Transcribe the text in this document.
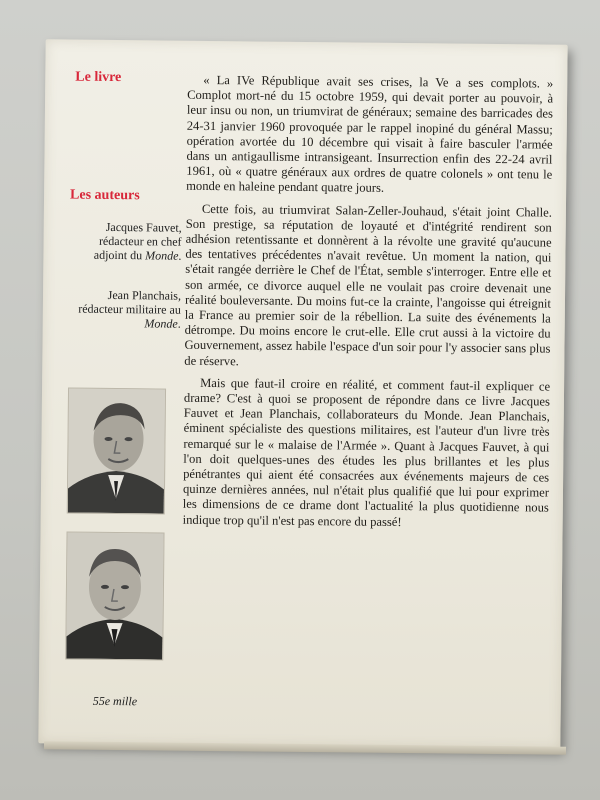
Le livre
Les auteurs
Jacques Fauvet, rédacteur en chef adjoint du Monde.
Jean Planchais, rédacteur militaire au Monde.
55e mille

« La IVe République avait ses crises, la Ve a ses complots. » Complot mort-né du 15 octobre 1959, qui devait porter au pouvoir, à leur insu ou non, un triumvirat de généraux; semaine des barricades des 24-31 janvier 1960 provoquée par le rappel inopiné du général Massu; opération avortée du 10 décembre qui visait à faire basculer l'armée dans un antigaullisme intransigeant. Insurrection enfin des 22-24 avril 1961, où « quatre généraux aux ordres de quatre colonels » ont tenu le monde en haleine pendant quatre jours.

Cette fois, au triumvirat Salan-Zeller-Jouhaud, s'était joint Challe. Son prestige, sa réputation de loyauté et d'intégrité rendirent son adhésion retentissante et donnèrent à la révolte une gravité qu'aucune des tentatives précédentes n'avait revêtue. Un moment la nation, qui s'était rangée derrière le Chef de l'État, semble s'interroger. Entre elle et son armée, ce divorce auquel elle ne voulait pas croire devenait une réalité bouleversante. Du moins fut-ce la crainte, l'angoisse qui étreignit la France au premier soir de la rébellion. La suite des événements la détrompe. Du moins encore le crut-elle. Elle crut aussi à la victoire du Gouvernement, assez habile l'espace d'un soir pour l'y associer sans plus de réserve.

Mais que faut-il croire en réalité, et comment faut-il expliquer ce drame? C'est à quoi se proposent de répondre dans ce livre Jacques Fauvet et Jean Planchais, collaborateurs du Monde. Jean Planchais, éminent spécialiste des questions militaires, est l'auteur d'un livre très remarqué sur le « malaise de l'Armée ». Quant à Jacques Fauvet, à qui l'on doit quelques-unes des études les plus brillantes et les plus pénétrantes qui aient été consacrées aux événements majeurs de ces quinze dernières années, nul n'était plus qualifié que lui pour exprimer les dimensions de ce drame dont l'actualité la plus quotidienne nous indique trop qu'il n'est pas encore du passé!
